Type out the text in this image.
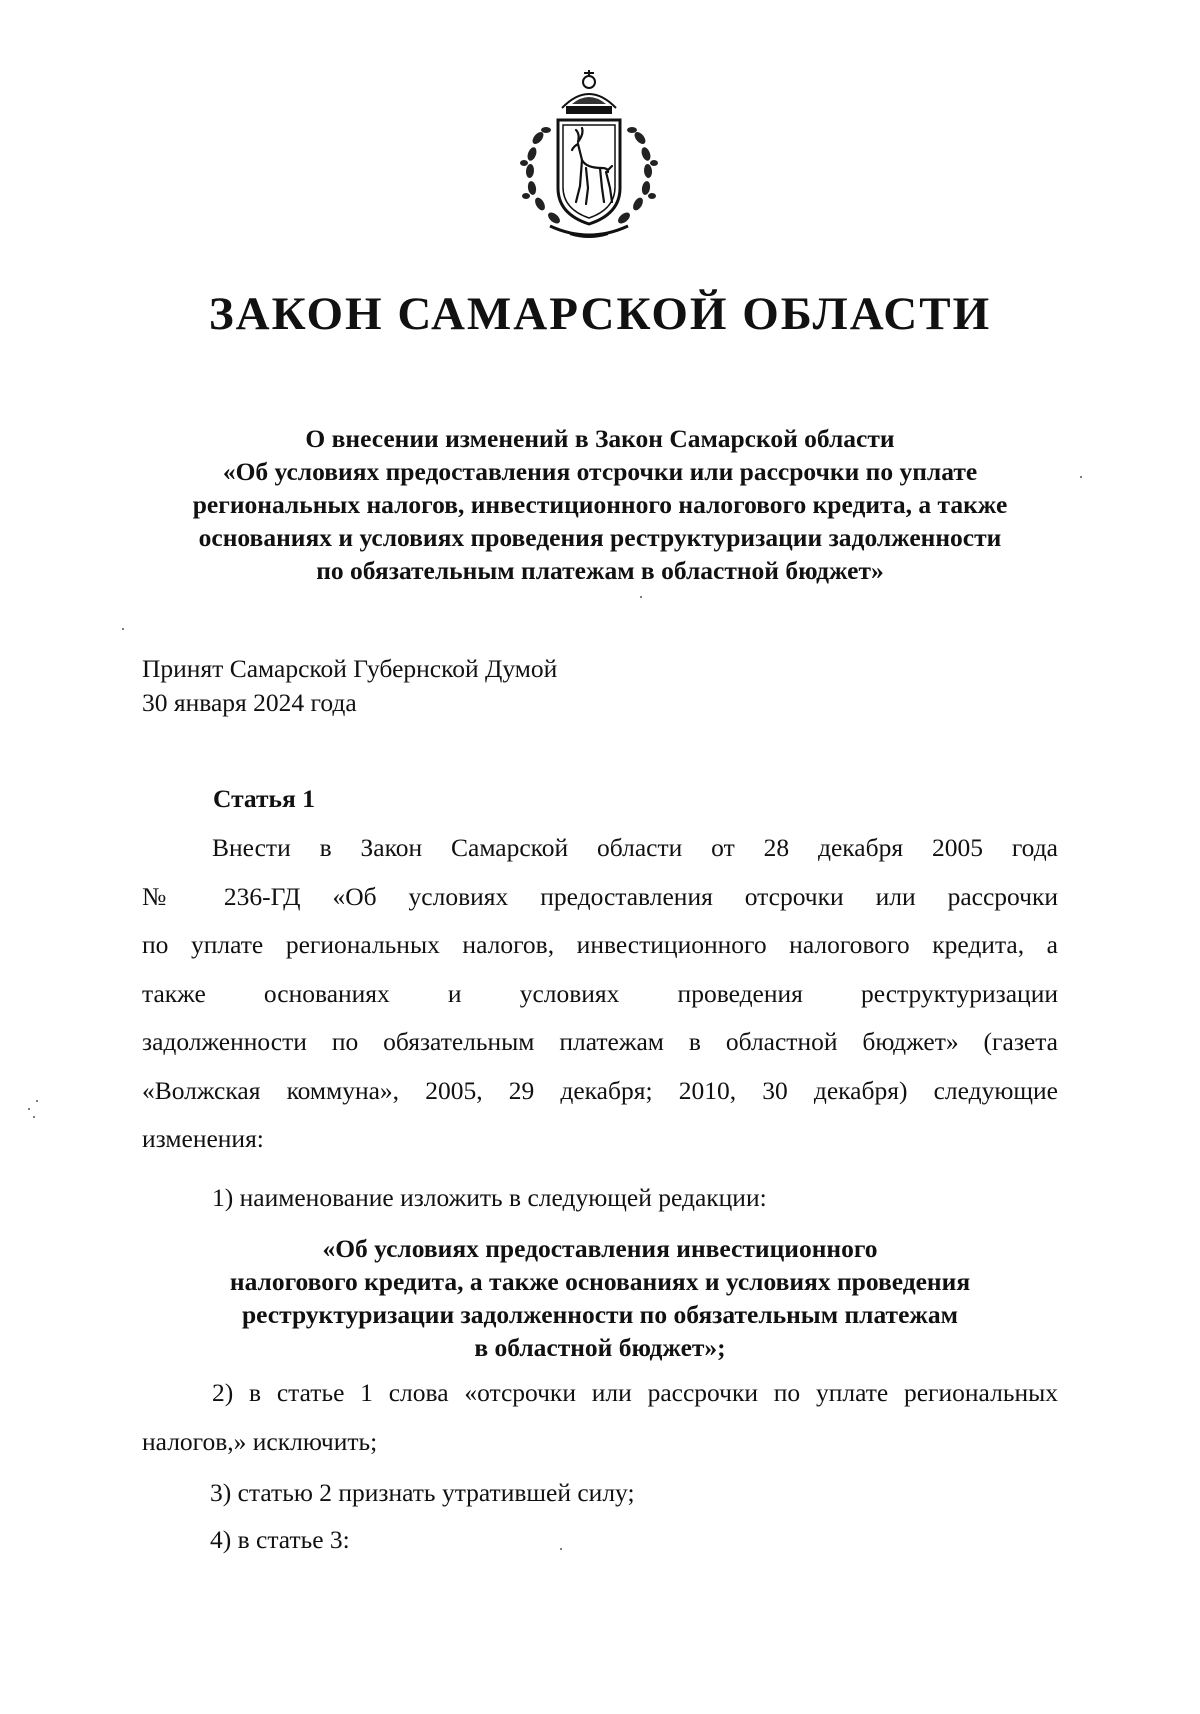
ЗАКОН САМАРСКОЙ ОБЛАСТИ
О внесении изменений в Закон Самарской области
«Об условиях предоставления отсрочки или рассрочки по уплате
региональных налогов, инвестиционного налогового кредита, а также
основаниях и условиях проведения реструктуризации задолженности
по обязательным платежам в областной бюджет»
Принят Самарской Губернской Думой
30 января 2024 года
Статья 1
Внести в Закон Самарской области от 28 декабря 2005 года
№ 236-ГД «Об условиях предоставления отсрочки или рассрочки
по уплате региональных налогов, инвестиционного налогового кредита, а
также основаниях и условиях проведения реструктуризации
задолженности по обязательным платежам в областной бюджет» (газета
«Волжская коммуна», 2005, 29 декабря; 2010, 30 декабря) следующие
изменения:
1) наименование изложить в следующей редакции:
«Об условиях предоставления инвестиционного
налогового кредита, а также основаниях и условиях проведения
реструктуризации задолженности по обязательным платежам
в областной бюджет»;
2) в статье 1 слова «отсрочки или рассрочки по уплате региональных
налогов,» исключить;
3) статью 2 признать утратившей силу;
4) в статье 3:
